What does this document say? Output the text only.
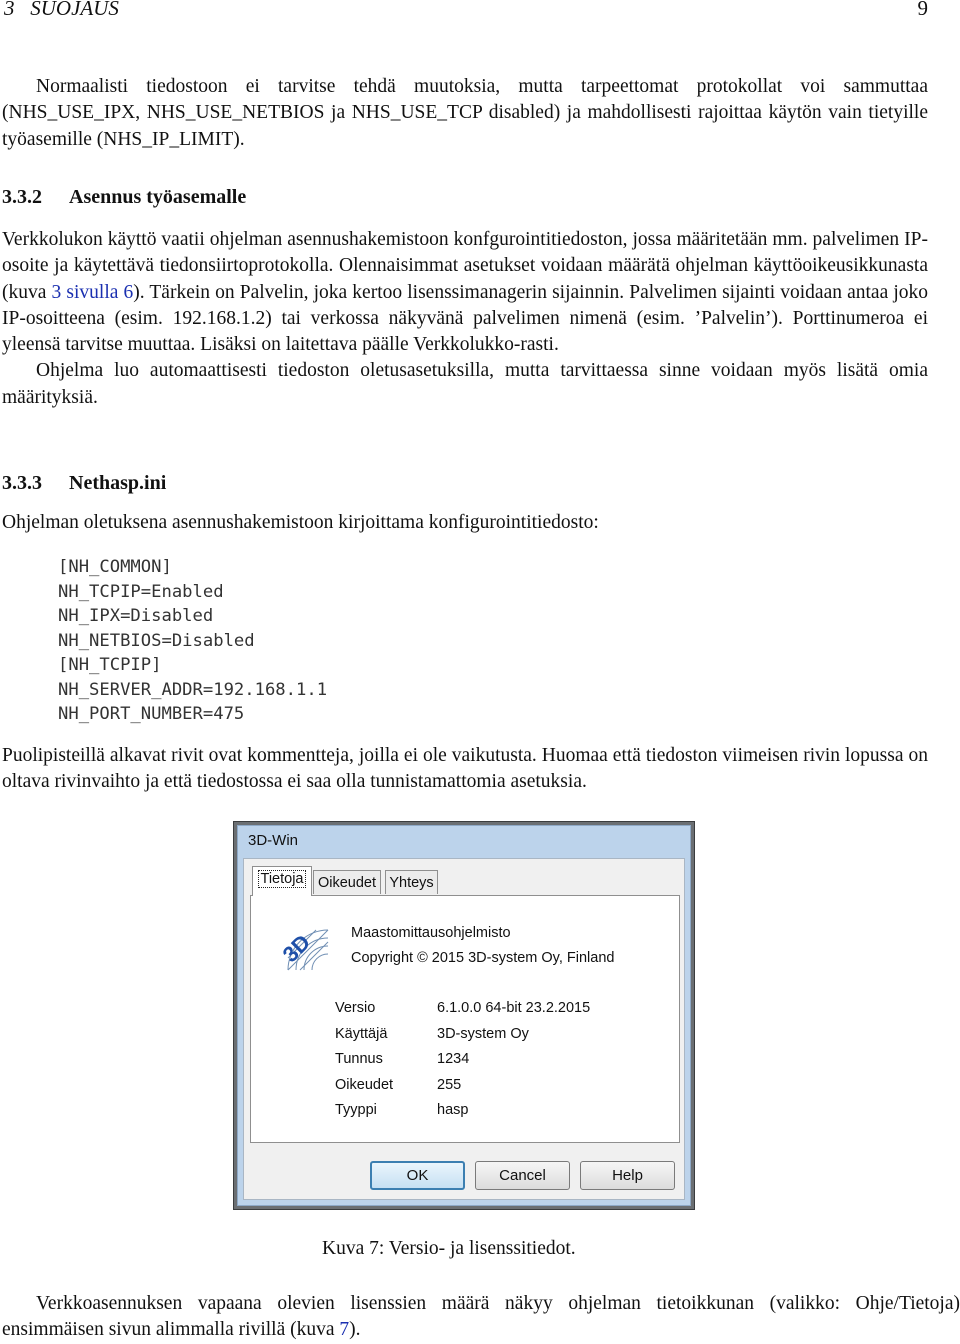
3   SUOJAUS	9
Normaalisti tiedostoon ei tarvitse tehdä muutoksia, mutta tarpeettomat protokollat voi sammuttaa (NHS_USE_IPX, NHS_USE_NETBIOS ja NHS_USE_TCP disabled) ja mahdollisesti rajoittaa käytön vain tietyille työasemille (NHS_IP_LIMIT).
3.3.2 Asennus työasemalle
Verkkolukon käyttö vaatii ohjelman asennushakemistoon konfgurointitiedoston, jossa määritetään mm. palvelimen IP-osoite ja käytettävä tiedonsiirtoprotokolla. Olennaisimmat asetukset voidaan määrätä ohjelman käyttöoikeusikkunasta (kuva 3 sivulla 6). Tärkein on Palvelin, joka kertoo lisenssimanagerin sijainnin. Palvelimen sijainti voidaan antaa joko IP-osoitteena (esim. 192.168.1.2) tai verkossa näkyvänä palvelimen nimenä (esim. ’Palvelin’). Porttinumeroa ei yleensä tarvitse muuttaa. Lisäksi on laitettava päälle Verkkolukko-rasti.
Ohjelma luo automaattisesti tiedoston oletusasetuksilla, mutta tarvittaessa sinne voidaan myös lisätä omia määrityksiä.
3.3.3 Nethasp.ini
Ohjelman oletuksena asennushakemistoon kirjoittama konfigurointitiedosto:
[NH_COMMON]
NH_TCPIP=Enabled
NH_IPX=Disabled
NH_NETBIOS=Disabled
[NH_TCPIP]
NH_SERVER_ADDR=192.168.1.1
NH_PORT_NUMBER=475
Puolipisteillä alkavat rivit ovat kommentteja, joilla ei ole vaikutusta. Huomaa että tiedoston viimeisen rivin lopussa on oltava rivinvaihto ja että tiedostossa ei saa olla tunnistamattomia asetuksia.
3D-Win
Tietoja Oikeudet Yhteys
3D Maastomittausohjelmisto
Copyright © 2015 3D-system Oy, Finland
Versio	6.1.0.0 64-bit 23.2.2015
Käyttäjä	3D-system Oy
Tunnus	1234
Oikeudet	255
Tyyppi	hasp
OK	Cancel	Help
Kuva 7: Versio- ja lisenssitiedot.
Verkkoasennuksen vapaana olevien lisenssien määrä näkyy ohjelman tietoikkunan (valikko: Ohje/Tietoja) ensimmäisen sivun alimmalla rivillä (kuva 7).
